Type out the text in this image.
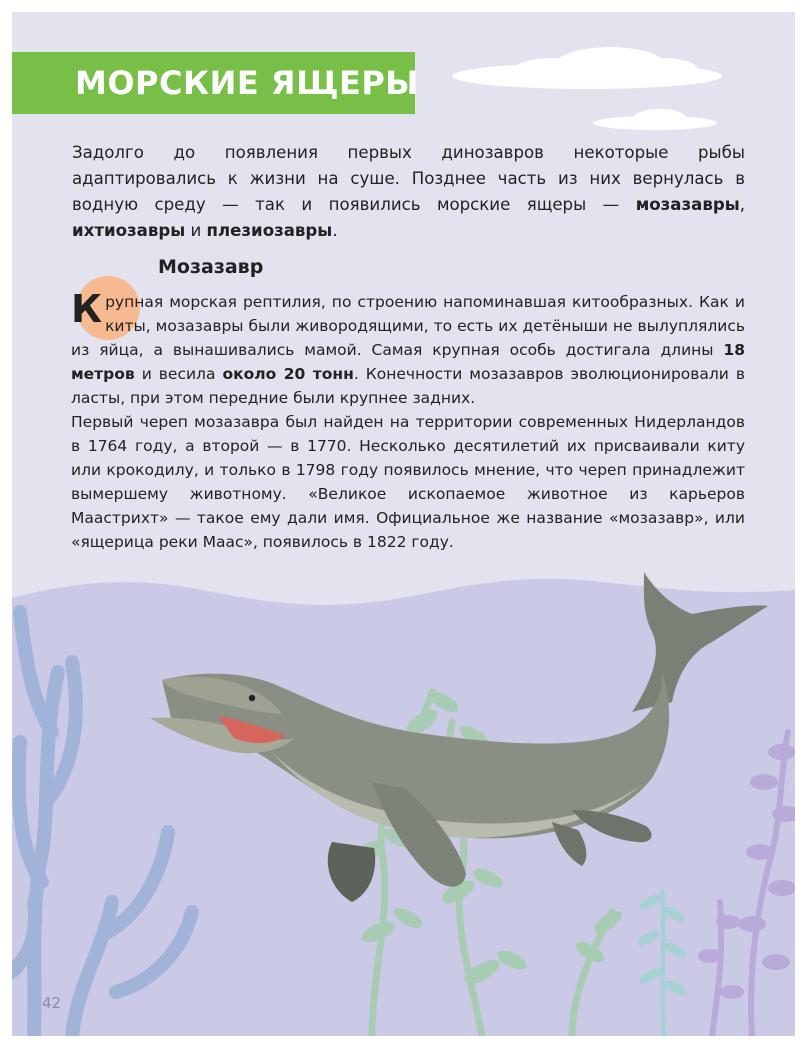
МОРСКИЕ ЯЩЕРЫ

Задолго до появления первых динозавров некоторые рыбы адаптировались к жизни на суше. Позднее часть из них вернулась в водную среду — так и появились морские ящеры — мозазавры, ихтиозавры и плезиозавры.

Мозазавр

Крупная морская рептилия, по строению напоминавшая китообразных. Как и киты, мозазавры были живородящими, то есть их детёныши не вылуплялись из яйца, а вынашивались мамой. Самая крупная особь достигала длины 18 метров и весила около 20 тонн. Конечности мозазавров эволюционировали в ласты, при этом передние были крупнее задних.

Первый череп мозазавра был найден на территории современных Нидерландов в 1764 году, а второй — в 1770. Несколько десятилетий их присваивали киту или крокодилу, и только в 1798 году появилось мнение, что череп принадлежит вымершему животному. «Великое ископаемое животное из карьеров Маастрихт» — такое ему дали имя. Официальное же название «мозазавр», или «ящерица реки Маас», появилось в 1822 году.

42
